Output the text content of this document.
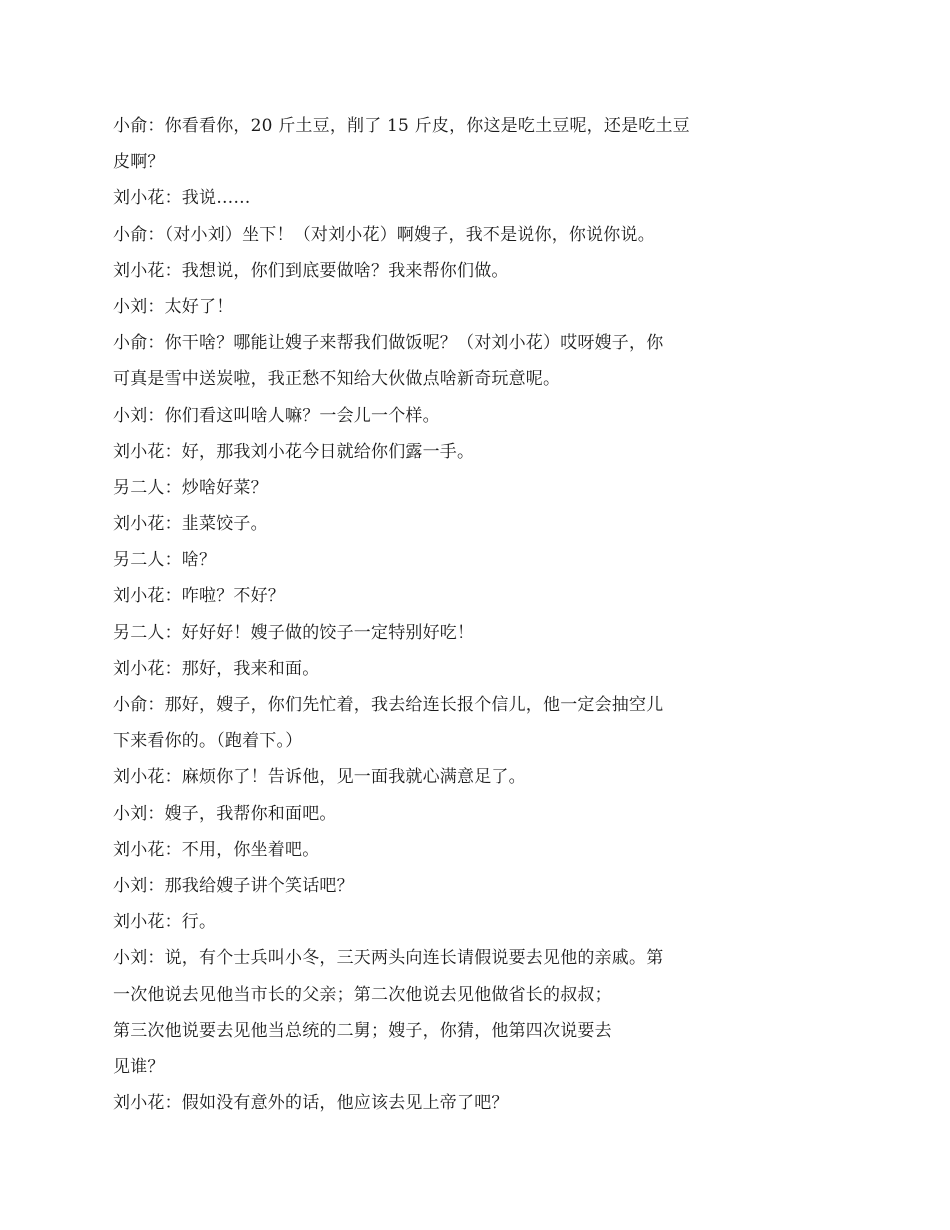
小俞：你看看你，20 斤土豆，削了 15 斤皮，你这是吃土豆呢，还是吃土豆
皮啊？
刘小花：我说……
小俞：（对小刘）坐下！（对刘小花）啊嫂子，我不是说你，你说你说。
刘小花：我想说，你们到底要做啥？我来帮你们做。
小刘：太好了！
小俞：你干啥？哪能让嫂子来帮我们做饭呢？（对刘小花）哎呀嫂子，你
可真是雪中送炭啦，我正愁不知给大伙做点啥新奇玩意呢。
小刘：你们看这叫啥人嘛？一会儿一个样。
刘小花：好，那我刘小花今日就给你们露一手。
另二人：炒啥好菜？
刘小花：韭菜饺子。
另二人：啥？
刘小花：咋啦？不好？
另二人：好好好！嫂子做的饺子一定特别好吃！
刘小花：那好，我来和面。
小俞：那好，嫂子，你们先忙着，我去给连长报个信儿，他一定会抽空儿
下来看你的。（跑着下。）
刘小花：麻烦你了！告诉他，见一面我就心满意足了。
小刘：嫂子，我帮你和面吧。
刘小花：不用，你坐着吧。
小刘：那我给嫂子讲个笑话吧？
刘小花：行。
小刘：说，有个士兵叫小冬，三天两头向连长请假说要去见他的亲戚。第
一次他说去见他当市长的父亲；第二次他说去见他做省长的叔叔；
第三次他说要去见他当总统的二舅；嫂子，你猜，他第四次说要去
见谁？
刘小花：假如没有意外的话，他应该去见上帝了吧？
